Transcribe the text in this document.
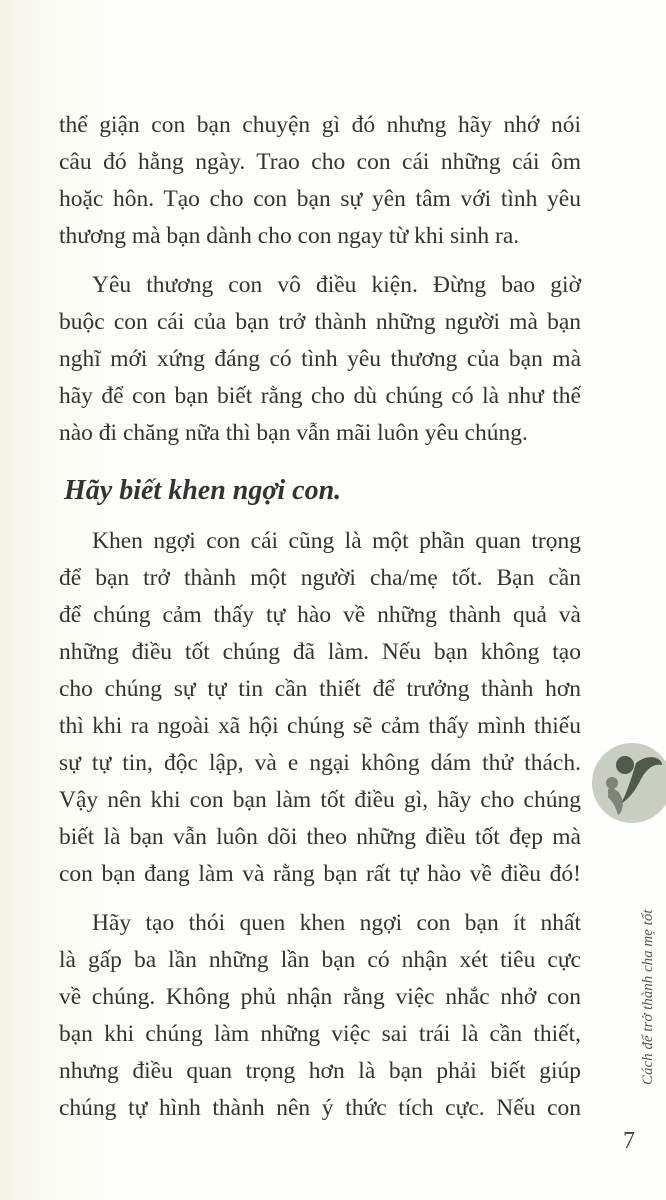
thể giận con bạn chuyện gì đó nhưng hãy nhớ nói
câu đó hằng ngày. Trao cho con cái những cái ôm
hoặc hôn. Tạo cho con bạn sự yên tâm với tình yêu
thương mà bạn dành cho con ngay từ khi sinh ra.
Yêu thương con vô điều kiện. Đừng bao giờ
buộc con cái của bạn trở thành những người mà bạn
nghĩ mới xứng đáng có tình yêu thương của bạn mà
hãy để con bạn biết rằng cho dù chúng có là như thế
nào đi chăng nữa thì bạn vẫn mãi luôn yêu chúng.
Hãy biết khen ngợi con.
Khen ngợi con cái cũng là một phần quan trọng
để bạn trở thành một người cha/mẹ tốt. Bạn cần
để chúng cảm thấy tự hào về những thành quả và
những điều tốt chúng đã làm. Nếu bạn không tạo
cho chúng sự tự tin cần thiết để trưởng thành hơn
thì khi ra ngoài xã hội chúng sẽ cảm thấy mình thiếu
sự tự tin, độc lập, và e ngại không dám thử thách.
Vậy nên khi con bạn làm tốt điều gì, hãy cho chúng
biết là bạn vẫn luôn dõi theo những điều tốt đẹp mà
con bạn đang làm và rằng bạn rất tự hào về điều đó!
Hãy tạo thói quen khen ngợi con bạn ít nhất
là gấp ba lần những lần bạn có nhận xét tiêu cực
về chúng. Không phủ nhận rằng việc nhắc nhở con
bạn khi chúng làm những việc sai trái là cần thiết,
nhưng điều quan trọng hơn là bạn phải biết giúp
chúng tự hình thành nên ý thức tích cực. Nếu con
Cách để trở thành cha mẹ tốt
7
